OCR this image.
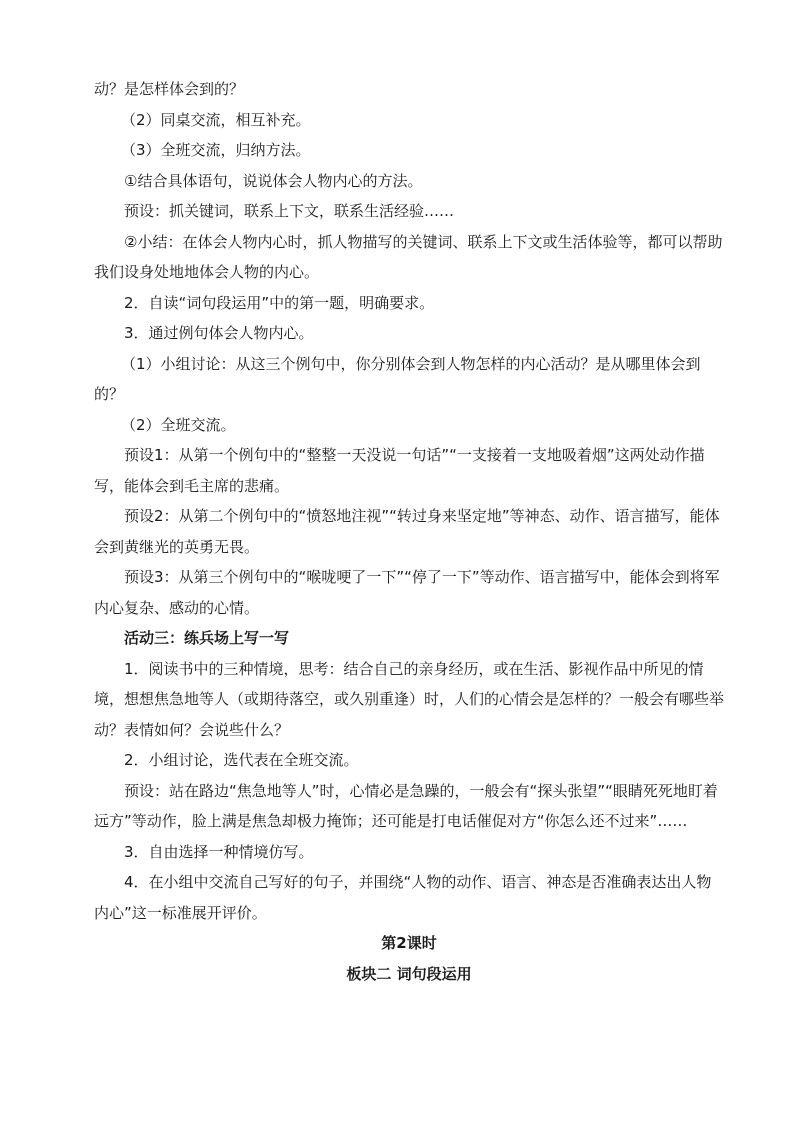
动？是怎样体会到的？

（2）同桌交流，相互补充。

（3）全班交流，归纳方法。

①结合具体语句，说说体会人物内心的方法。

预设：抓关键词，联系上下文，联系生活经验……

②小结：在体会人物内心时，抓人物描写的关键词、联系上下文或生活体验等，都可以帮助我们设身处地地体会人物的内心。

2．自读“词句段运用”中的第一题，明确要求。

3．通过例句体会人物内心。

（1）小组讨论：从这三个例句中，你分别体会到人物怎样的内心活动？是从哪里体会到的？

（2）全班交流。

预设1：从第一个例句中的“整整一天没说一句话”“一支接着一支地吸着烟”这两处动作描写，能体会到毛主席的悲痛。

预设2：从第二个例句中的“愤怒地注视”“转过身来坚定地”等神态、动作、语言描写，能体会到黄继光的英勇无畏。

预设3：从第三个例句中的“喉咙哽了一下”“停了一下”等动作、语言描写中，能体会到将军内心复杂、感动的心情。

活动三：练兵场上写一写

1．阅读书中的三种情境，思考：结合自己的亲身经历，或在生活、影视作品中所见的情境，想想焦急地等人（或期待落空，或久别重逢）时，人们的心情会是怎样的？一般会有哪些举动？表情如何？会说些什么？

2．小组讨论，选代表在全班交流。

预设：站在路边“焦急地等人”时，心情必是急躁的，一般会有“探头张望”“眼睛死死地盯着远方”等动作，脸上满是焦急却极力掩饰；还可能是打电话催促对方“你怎么还不过来”……

3．自由选择一种情境仿写。

4．在小组中交流自己写好的句子，并围绕“人物的动作、语言、神态是否准确表达出人物内心”这一标准展开评价。

第2课时

板块二 词句段运用
